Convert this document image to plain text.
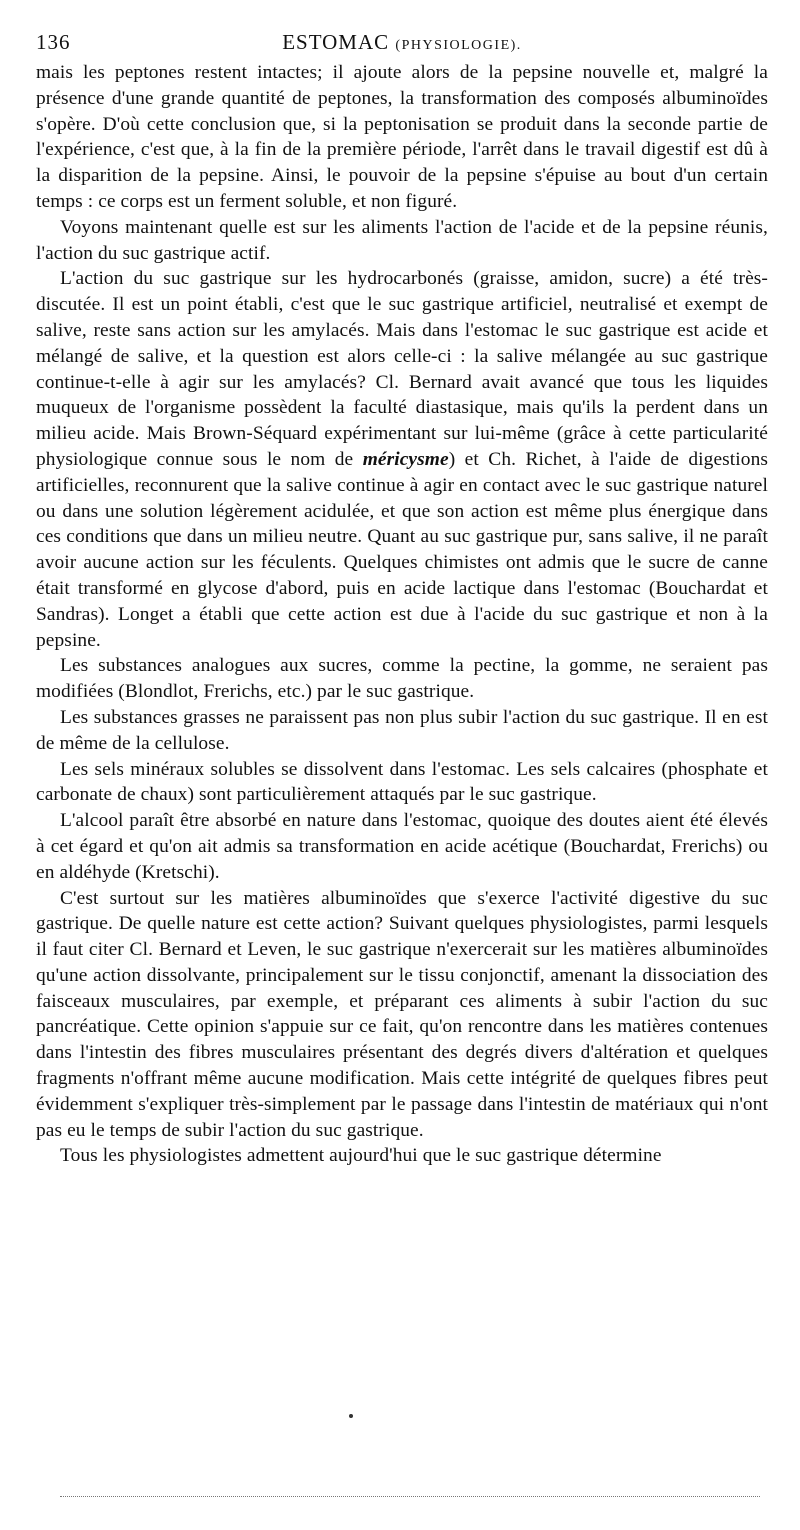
136	ESTOMAC (PHYSIOLOGIE).

mais les peptones restent intactes; il ajoute alors de la pepsine nouvelle et, malgré la présence d'une grande quantité de peptones, la transformation des composés albuminoïdes s'opère. D'où cette conclusion que, si la peptonisation se produit dans la seconde partie de l'expérience, c'est que, à la fin de la première période, l'arrêt dans le travail digestif est dû à la disparition de la pepsine. Ainsi, le pouvoir de la pepsine s'épuise au bout d'un certain temps : ce corps est un ferment soluble, et non figuré.

Voyons maintenant quelle est sur les aliments l'action de l'acide et de la pepsine réunis, l'action du suc gastrique actif.

L'action du suc gastrique sur les hydrocarbonés (graisse, amidon, sucre) a été très-discutée. Il est un point établi, c'est que le suc gastrique artificiel, neutralisé et exempt de salive, reste sans action sur les amylacés. Mais dans l'estomac le suc gastrique est acide et mélangé de salive, et la question est alors celle-ci : la salive mélangée au suc gastrique continue-t-elle à agir sur les amylacés? Cl. Bernard avait avancé que tous les liquides muqueux de l'organisme possèdent la faculté diastasique, mais qu'ils la perdent dans un milieu acide. Mais Brown-Séquard expérimentant sur lui-même (grâce à cette particularité physiologique connue sous le nom de méricysme) et Ch. Richet, à l'aide de digestions artificielles, reconnurent que la salive continue à agir en contact avec le suc gastrique naturel ou dans une solution légèrement acidulée, et que son action est même plus énergique dans ces conditions que dans un milieu neutre. Quant au suc gastrique pur, sans salive, il ne paraît avoir aucune action sur les féculents. Quelques chimistes ont admis que le sucre de canne était transformé en glycose d'abord, puis en acide lactique dans l'estomac (Bouchardat et Sandras). Longet a établi que cette action est due à l'acide du suc gastrique et non à la pepsine.

Les substances analogues aux sucres, comme la pectine, la gomme, ne seraient pas modifiées (Blondlot, Frerichs, etc.) par le suc gastrique.

Les substances grasses ne paraissent pas non plus subir l'action du suc gastrique. Il en est de même de la cellulose.

Les sels minéraux solubles se dissolvent dans l'estomac. Les sels calcaires (phosphate et carbonate de chaux) sont particulièrement attaqués par le suc gastrique.

L'alcool paraît être absorbé en nature dans l'estomac, quoique des doutes aient été élevés à cet égard et qu'on ait admis sa transformation en acide acétique (Bouchardat, Frerichs) ou en aldéhyde (Kretschi).

C'est surtout sur les matières albuminoïdes que s'exerce l'activité digestive du suc gastrique. De quelle nature est cette action? Suivant quelques physiologistes, parmi lesquels il faut citer Cl. Bernard et Leven, le suc gastrique n'exercerait sur les matières albuminoïdes qu'une action dissolvante, principalement sur le tissu conjonctif, amenant la dissociation des faisceaux musculaires, par exemple, et préparant ces aliments à subir l'action du suc pancréatique. Cette opinion s'appuie sur ce fait, qu'on rencontre dans les matières contenues dans l'intestin des fibres musculaires présentant des degrés divers d'altération et quelques fragments n'offrant même aucune modification. Mais cette intégrité de quelques fibres peut évidemment s'expliquer très-simplement par le passage dans l'intestin de matériaux qui n'ont pas eu le temps de subir l'action du suc gastrique.

Tous les physiologistes admettent aujourd'hui que le suc gastrique détermine
